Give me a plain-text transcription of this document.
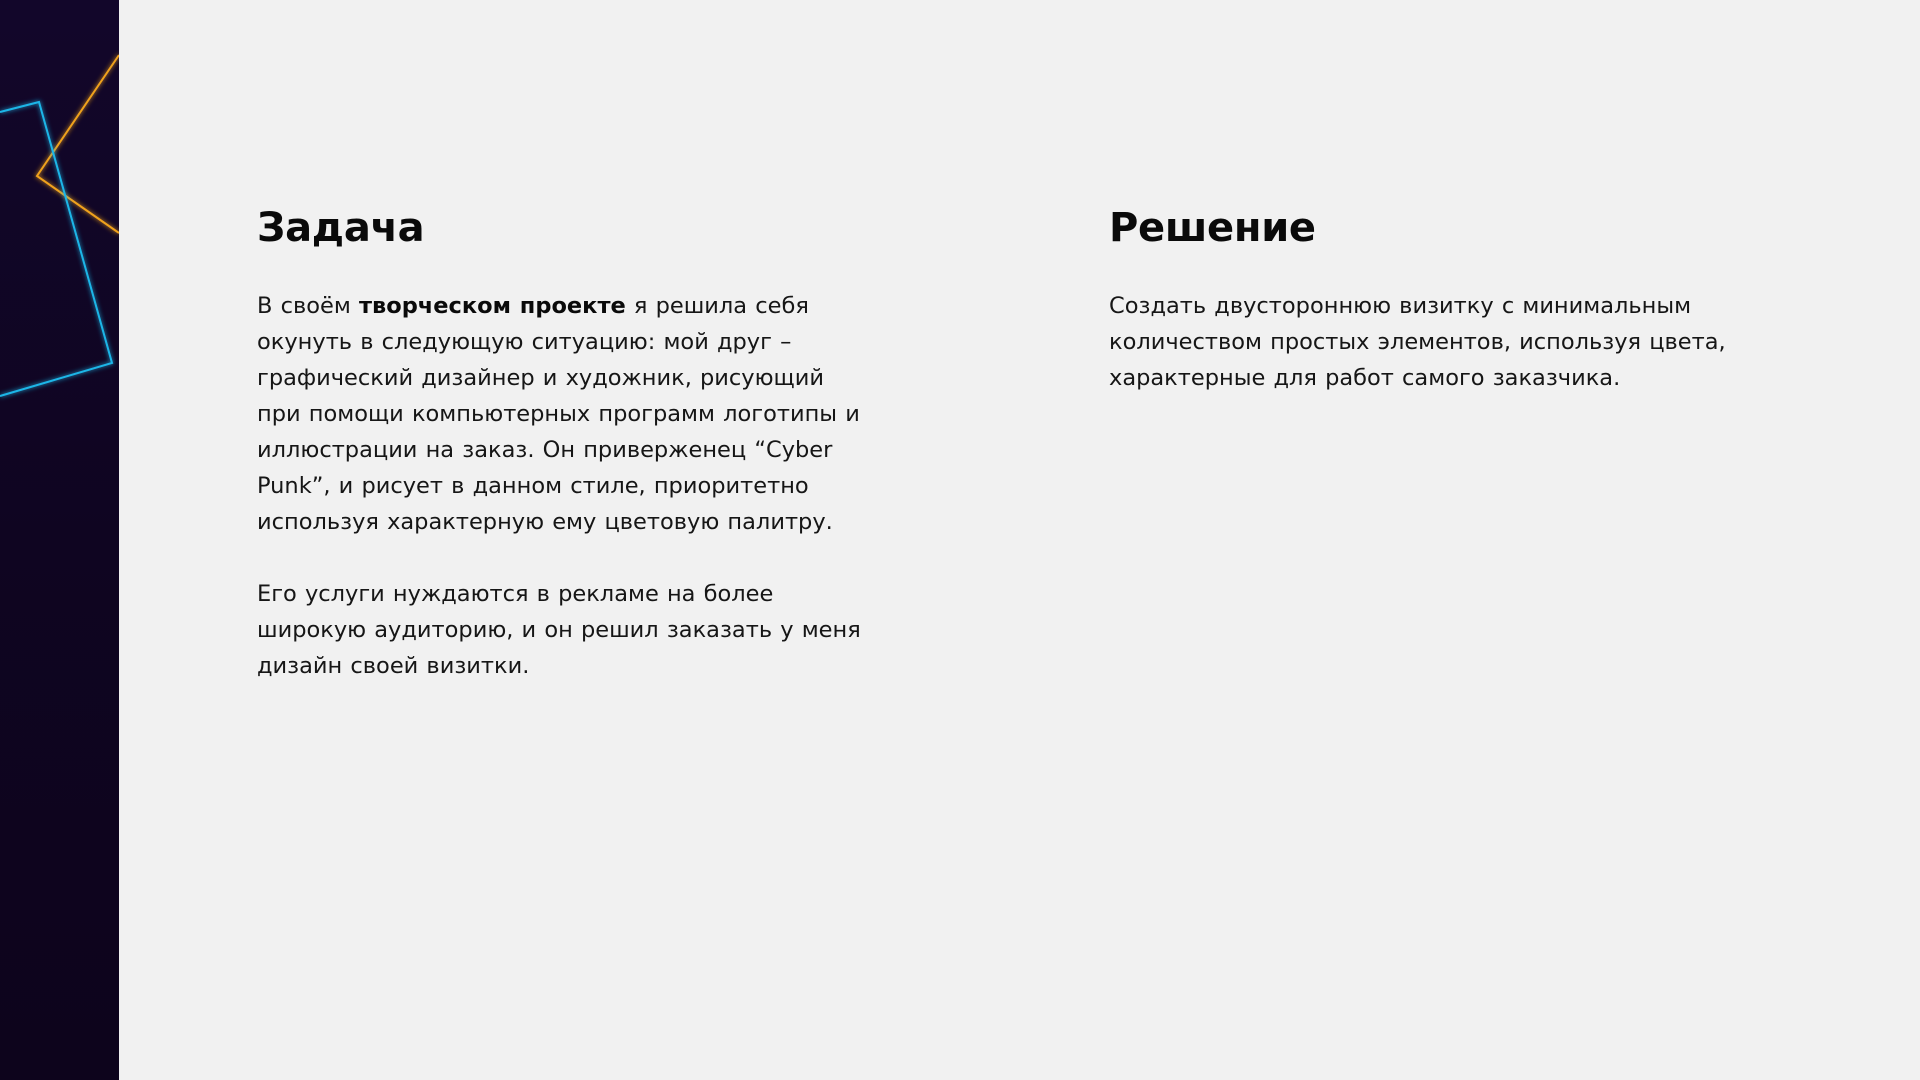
Задача

В своём творческом проекте я решила себя окунуть в следующую ситуацию: мой друг – графический дизайнер и художник, рисующий при помощи компьютерных программ логотипы и иллюстрации на заказ. Он приверженец “Cyber Punk”, и рисует в данном стиле, приоритетно используя характерную ему цветовую палитру.

Его услуги нуждаются в рекламе на более широкую аудиторию, и он решил заказать у меня дизайн своей визитки.

Решение

Создать двустороннюю визитку с минимальным количеством простых элементов, используя цвета, характерные для работ самого заказчика.
